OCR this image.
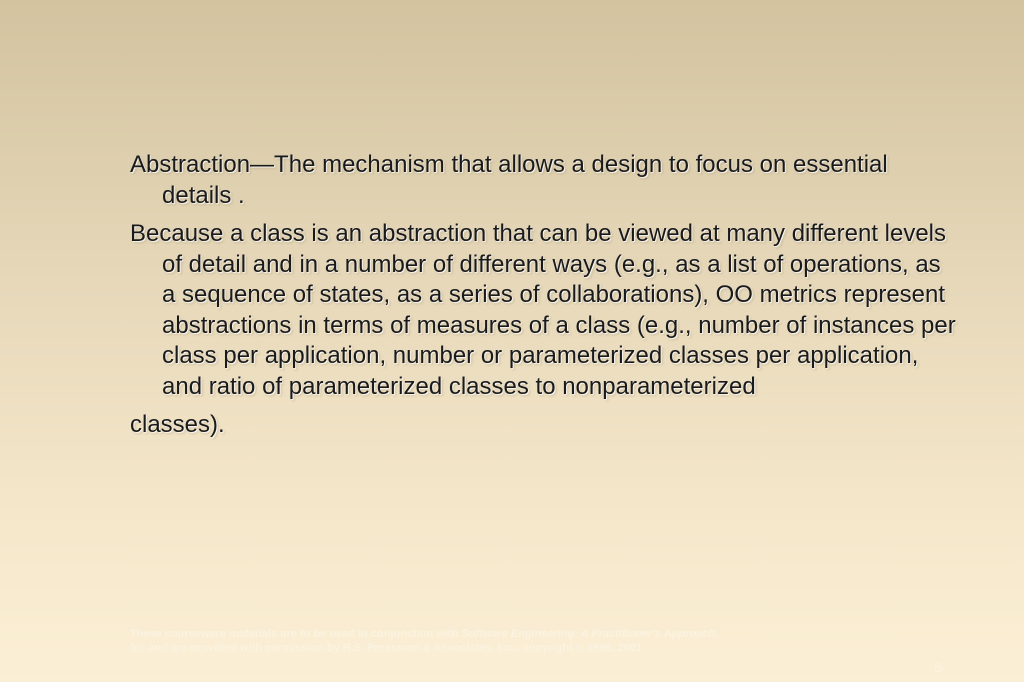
Abstraction—The mechanism that allows a design to focus on essential details .

Because a class is an abstraction that can be viewed at many different levels of detail and in a number of different ways (e.g., as a list of operations, as a sequence of states, as a series of collaborations), OO metrics represent abstractions in terms of measures of a class (e.g., number of instances per class per application, number or parameterized classes per application, and ratio of parameterized classes to nonparameterized

classes).

These courseware materials are to be used in conjunction with Software Engineering: A Practitioner's Approach,
5/e and are provided with permission by R.S. Pressman & Associates, Inc., copyright © 1996, 2001
6
